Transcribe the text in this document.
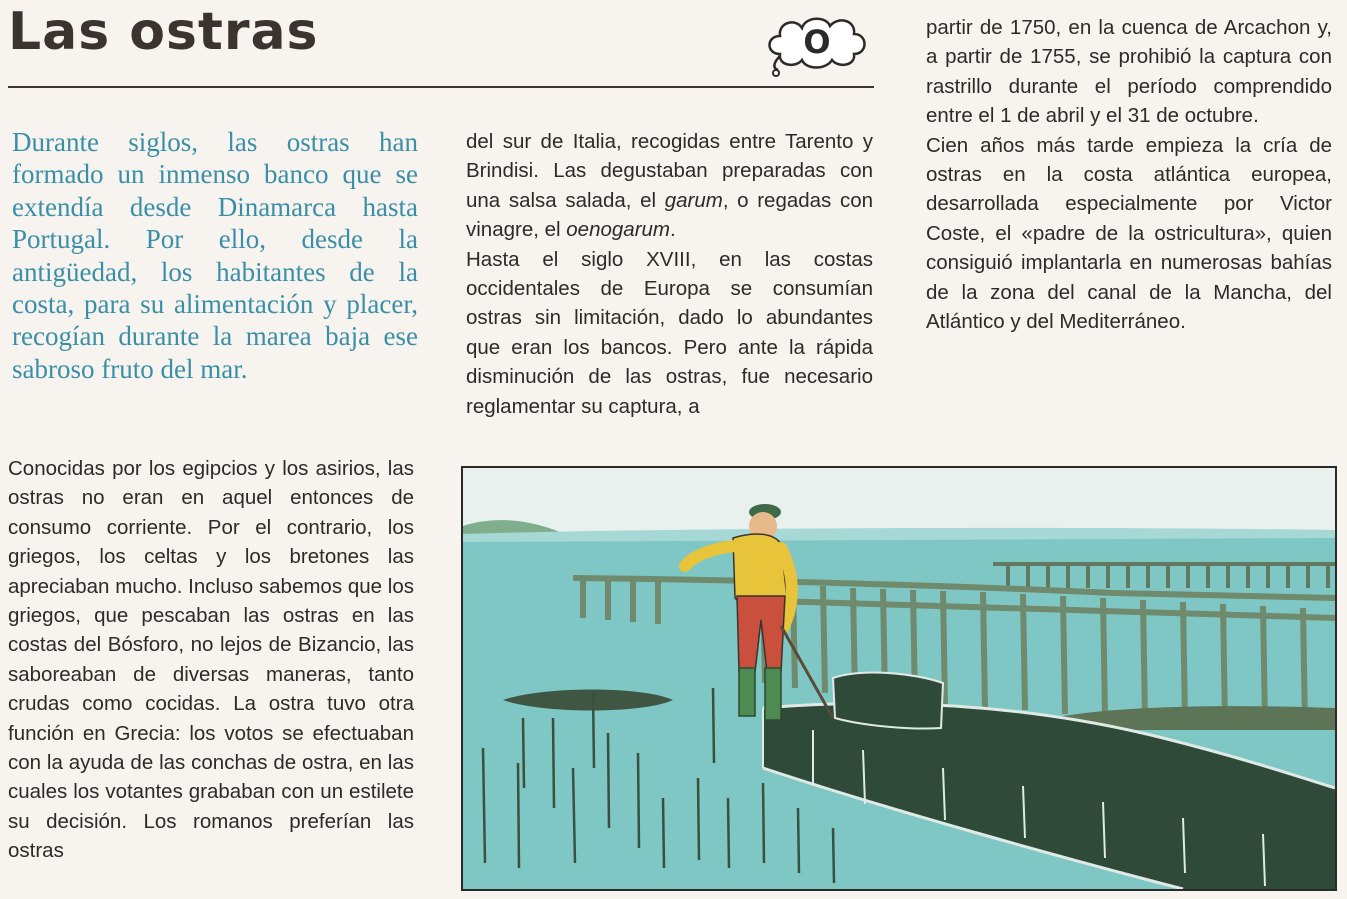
Las ostras	O

Durante siglos, las ostras han formado un inmenso banco que se extendía desde Dinamarca hasta Portugal. Por ello, desde la antigüedad, los habitantes de la costa, para su alimentación y placer, recogían durante la marea baja ese sabroso fruto del mar.

Conocidas por los egipcios y los asirios, las ostras no eran en aquel entonces de consumo corriente. Por el contrario, los griegos, los celtas y los bretones las apreciaban mucho. Incluso sabemos que los griegos, que pescaban las ostras en las costas del Bósforo, no lejos de Bizancio, las saboreaban de diversas maneras, tanto crudas como cocidas. La ostra tuvo otra función en Grecia: los votos se efectuaban con la ayuda de las conchas de ostra, en las cuales los votantes grababan con un estilete su decisión. Los romanos preferían las ostras

del sur de Italia, recogidas entre Tarento y Brindisi. Las degustaban preparadas con una salsa salada, el garum, o regadas con vinagre, el oenogarum.

Hasta el siglo XVIII, en las costas occidentales de Europa se consumían ostras sin limitación, dado lo abundantes que eran los bancos. Pero ante la rápida disminución de las ostras, fue necesario reglamentar su captura, a

partir de 1750, en la cuenca de Arcachon y, a partir de 1755, se prohibió la captura con rastrillo durante el período comprendido entre el 1 de abril y el 31 de octubre.

Cien años más tarde empieza la cría de ostras en la costa atlántica europea, desarrollada especialmente por Victor Coste, el «padre de la ostricultura», quien consiguió implantarla en numerosas bahías de la zona del canal de la Mancha, del Atlántico y del Mediterráneo.
